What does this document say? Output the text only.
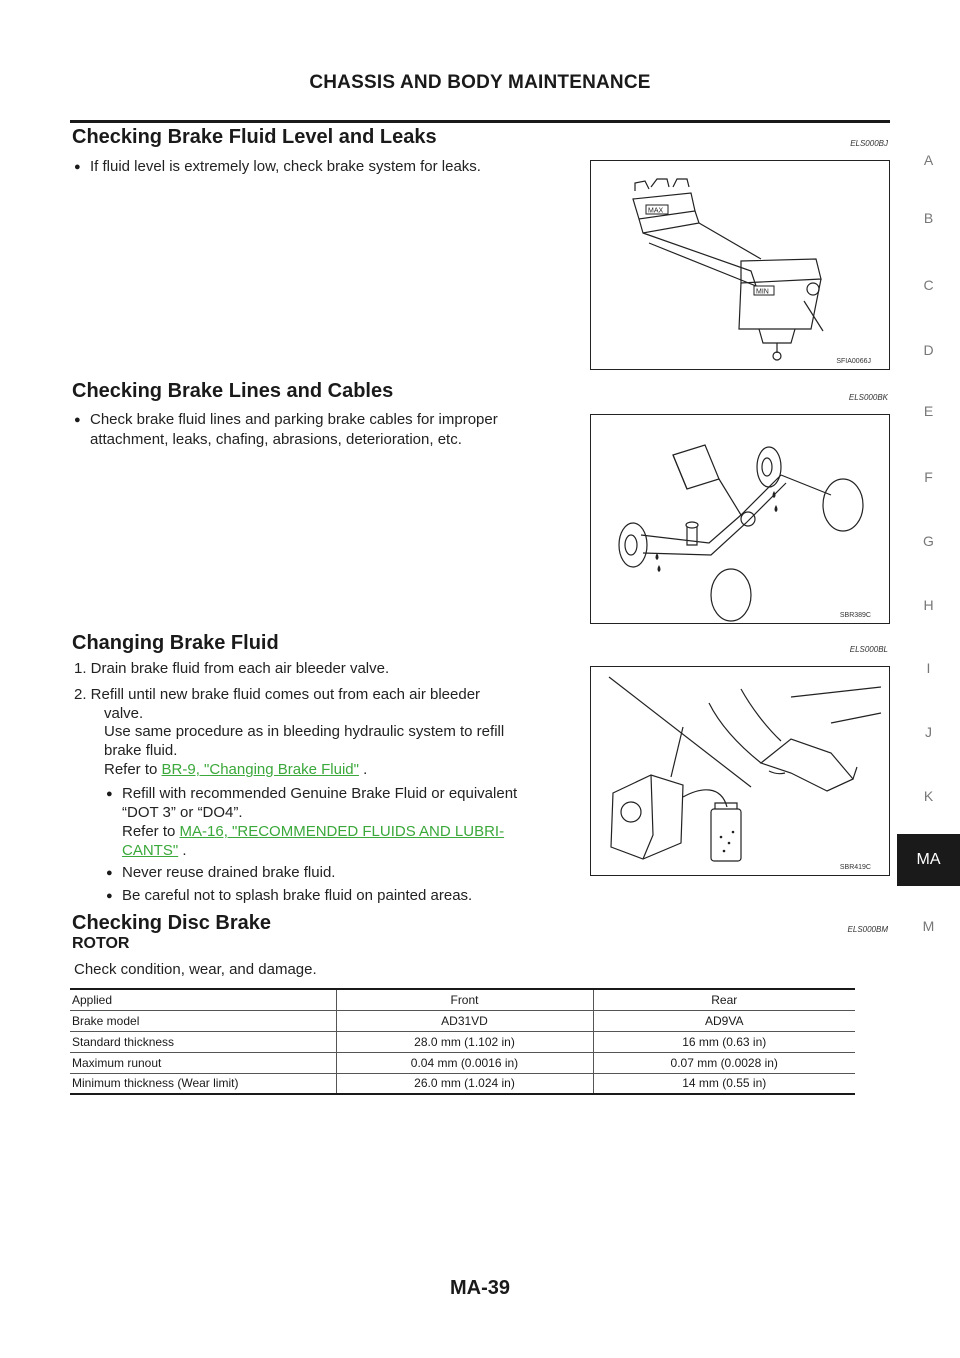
CHASSIS AND BODY MAINTENANCE
Checking Brake Fluid Level and Leaks	ELS000BJ
● If fluid level is extremely low, check brake system for leaks.
MAX
MIN
SFIA0066J
Checking Brake Lines and Cables	ELS000BK
● Check brake fluid lines and parking brake cables for improper
attachment, leaks, chafing, abrasions, deterioration, etc.
SBR389C
Changing Brake Fluid	ELS000BL
1. Drain brake fluid from each air bleeder valve.
2. Refill until new brake fluid comes out from each air bleeder
valve.
Use same procedure as in bleeding hydraulic system to refill
brake fluid.
Refer to BR-9, "Changing Brake Fluid" .
● Refill with recommended Genuine Brake Fluid or equivalent
“DOT 3” or “DO4”.
Refer to MA-16, "RECOMMENDED FLUIDS AND LUBRI-
CANTS" .
● Never reuse drained brake fluid.
● Be careful not to splash brake fluid on painted areas.
SBR419C
Checking Disc Brake	ELS000BM
ROTOR
Check condition, wear, and damage.
Applied	Front	Rear
Brake model	AD31VD	AD9VA
Standard thickness	28.0 mm (1.102 in)	16 mm (0.63 in)
Maximum runout	0.04 mm (0.0016 in)	0.07 mm (0.0028 in)
Minimum thickness (Wear limit)	26.0 mm (1.024 in)	14 mm (0.55 in)
A
B
C
D
E
F
G
H
I
J
K
MA
M
MA-39
